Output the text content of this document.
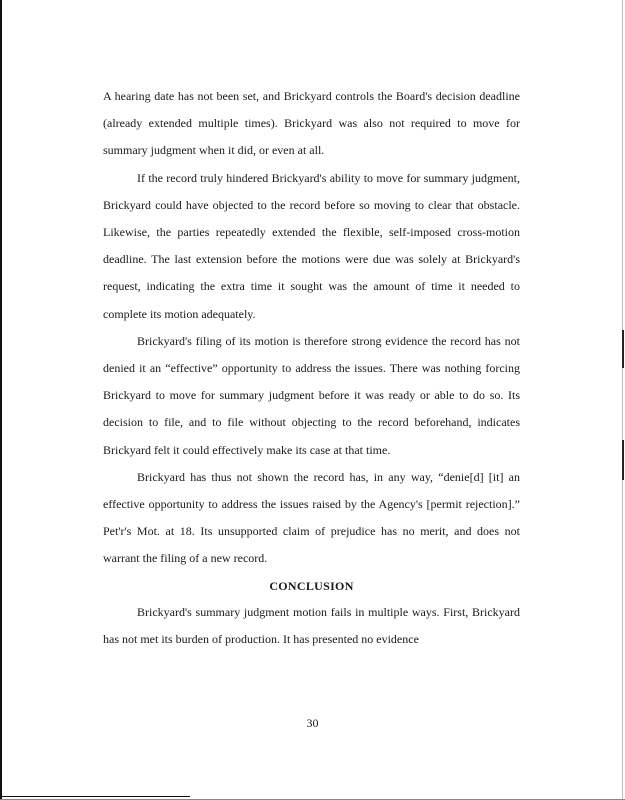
A hearing date has not been set, and Brickyard controls the Board's decision deadline (already extended multiple times). Brickyard was also not required to move for summary judgment when it did, or even at all.

If the record truly hindered Brickyard's ability to move for summary judgment, Brickyard could have objected to the record before so moving to clear that obstacle. Likewise, the parties repeatedly extended the flexible, self-imposed cross-motion deadline. The last extension before the motions were due was solely at Brickyard's request, indicating the extra time it sought was the amount of time it needed to complete its motion adequately.

Brickyard's filing of its motion is therefore strong evidence the record has not denied it an “effective” opportunity to address the issues. There was nothing forcing Brickyard to move for summary judgment before it was ready or able to do so. Its decision to file, and to file without objecting to the record beforehand, indicates Brickyard felt it could effectively make its case at that time.

Brickyard has thus not shown the record has, in any way, “denie[d] [it] an effective opportunity to address the issues raised by the Agency's [permit rejection].” Pet'r's Mot. at 18. Its unsupported claim of prejudice has no merit, and does not warrant the filing of a new record.

CONCLUSION

Brickyard's summary judgment motion fails in multiple ways. First, Brickyard has not met its burden of production. It has presented no evidence

30
